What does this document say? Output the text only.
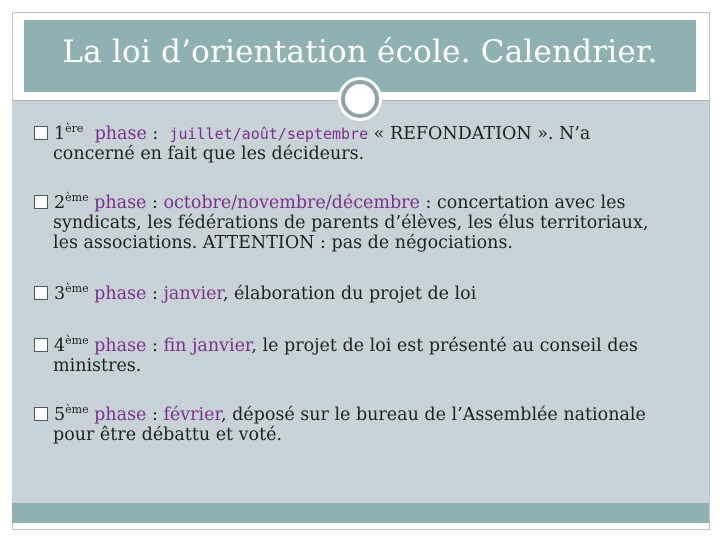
La loi d’orientation école. Calendrier.
1ère phase :  juillet/août/septembre « REFONDATION ». N’a
concerné en fait que les décideurs.
2ème phase : octobre/novembre/décembre : concertation avec les
syndicats, les fédérations de parents d’élèves, les élus territoriaux,
les associations. ATTENTION : pas de négociations.
3ème phase : janvier, élaboration du projet de loi
4ème phase : fin janvier, le projet de loi est présenté au conseil des
ministres.
5ème phase : février, déposé sur le bureau de l’Assemblée nationale
pour être débattu et voté.
